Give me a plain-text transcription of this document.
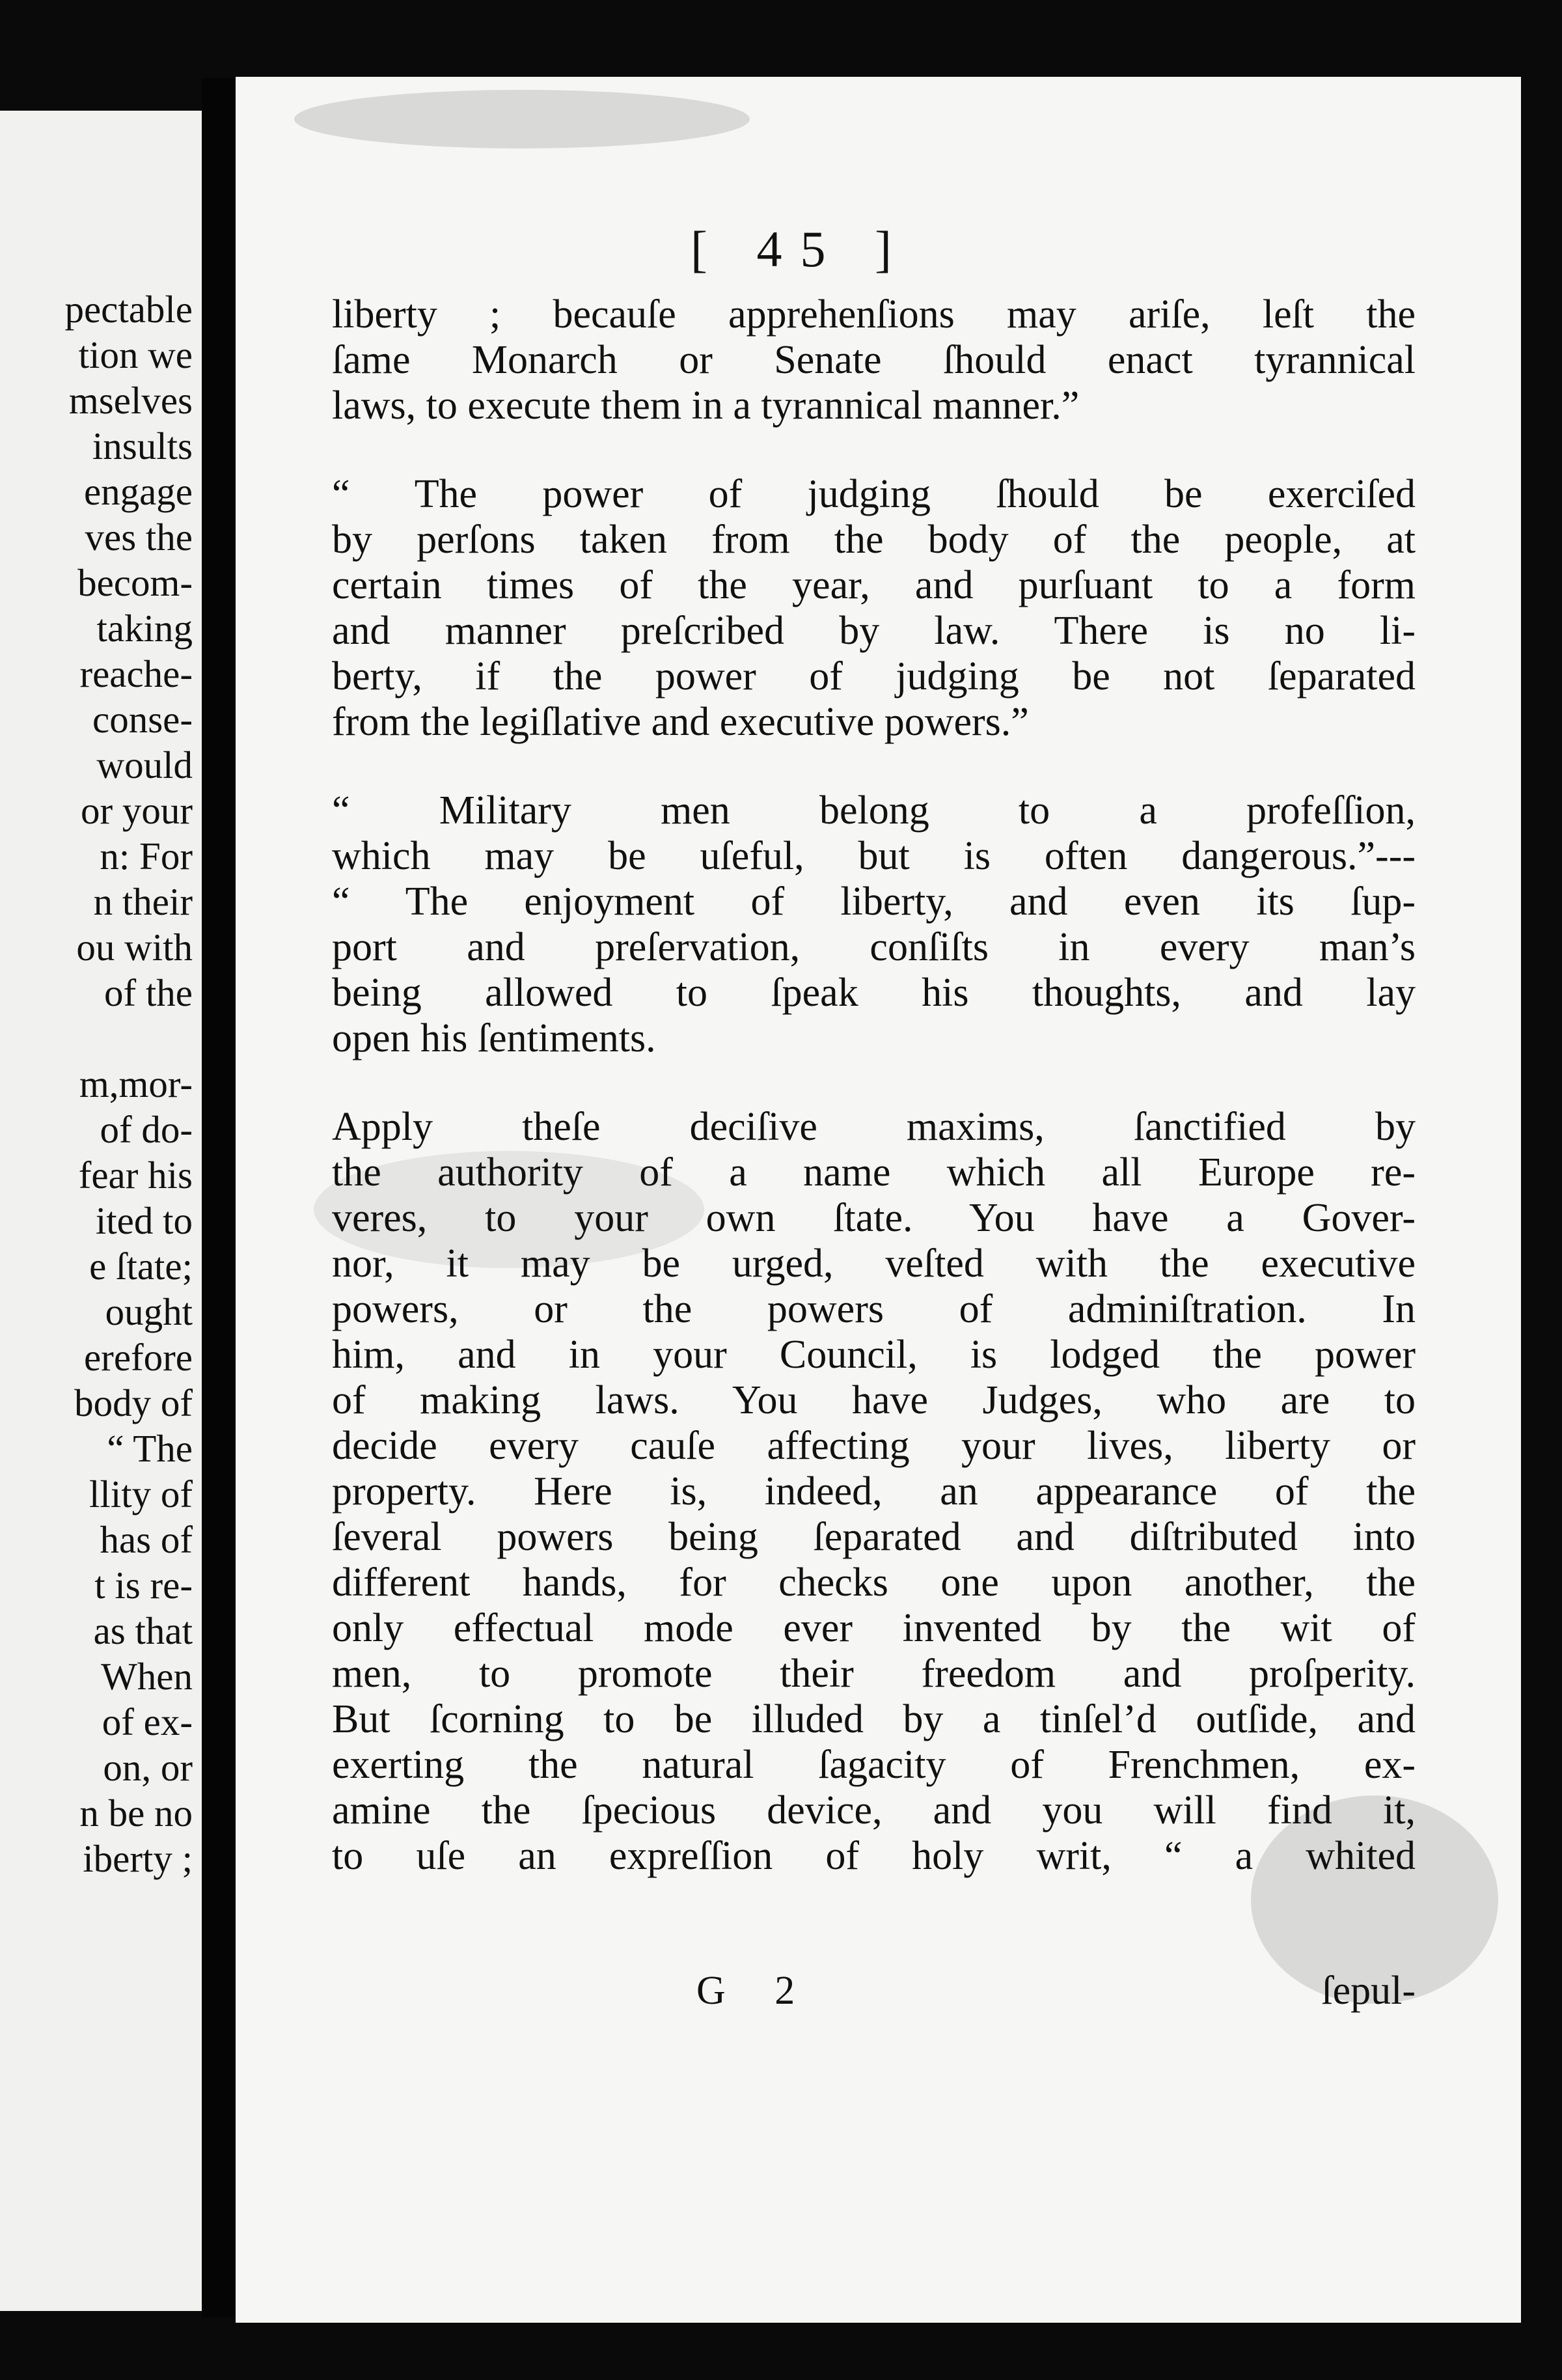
pectable
tion we
mselves
insults
engage
ves the
becom-
taking
reache-
conse-
would
or your
n: For
n their
ou with
of the
m,mor-
of do-
fear his
ited to
e ſtate;
ought
erefore
body of
“ The
llity of
has of
t is re-
as that
When
of ex-
on, or
n be no
iberty ;
[ 45 ]

liberty ; becauſe apprehenſions may ariſe, leſt the
ſame Monarch or Senate ſhould enact tyrannical
laws, to execute them in a tyrannical manner.”

“ The power of judging ſhould be exerciſed
by perſons taken from the body of the people, at
certain times of the year, and purſuant to a form
and manner preſcribed by law. There is no li-
berty, if the power of judging be not ſeparated
from the legiſlative and executive powers.”

“ Military men belong to a profeſſion,
which may be uſeful, but is often dangerous.”---
“ The enjoyment of liberty, and even its ſup-
port and preſervation, conſiſts in every man’s
being allowed to ſpeak his thoughts, and lay
open his ſentiments.

Apply theſe deciſive maxims, ſanctified by
the authority of a name which all Europe re-
veres, to your own ſtate. You have a Gover-
nor, it may be urged, veſted with the executive
powers, or the powers of adminiſtration. In
him, and in your Council, is lodged the power
of making laws. You have Judges, who are to
decide every cauſe affecting your lives, liberty or
property. Here is, indeed, an appearance of the
ſeveral powers being ſeparated and diſtributed into
different hands, for checks one upon another, the
only effectual mode ever invented by the wit of
men, to promote their freedom and proſperity.
But ſcorning to be illuded by a tinſel’d outſide, and
exerting the natural ſagacity of Frenchmen, ex-
amine the ſpecious device, and you will find it,
to uſe an expreſſion of holy writ, “ a whited

G 2	ſepul-
